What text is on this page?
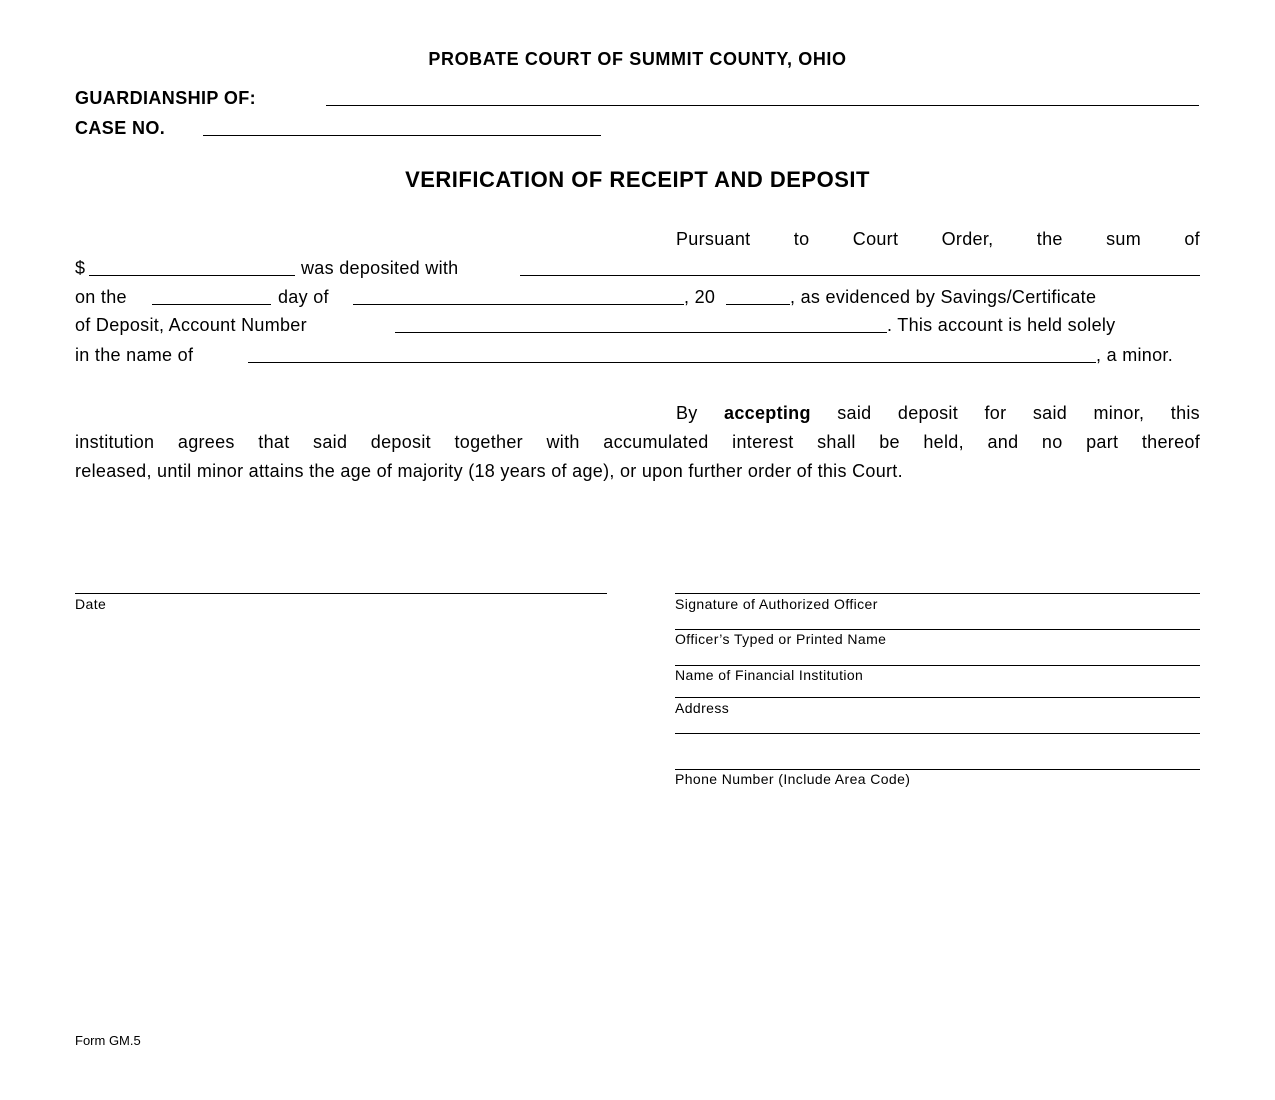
PROBATE COURT OF SUMMIT COUNTY, OHIO
GUARDIANSHIP OF:
CASE NO.
VERIFICATION OF RECEIPT AND DEPOSIT
Pursuant to Court Order, the sum of
$	was deposited with
on the	day of	, 20	, as evidenced by Savings/Certificate
of Deposit, Account Number	. This account is held solely
in the name of	, a minor.
By accepting said deposit for said minor, this
institution agrees that said deposit together with accumulated interest shall be held, and no part thereof
released, until minor attains the age of majority (18 years of age), or upon further order of this Court.
Date	Signature of Authorized Officer
Officer’s Typed or Printed Name
Name of Financial Institution
Address
Phone Number (Include Area Code)
Form GM.5
